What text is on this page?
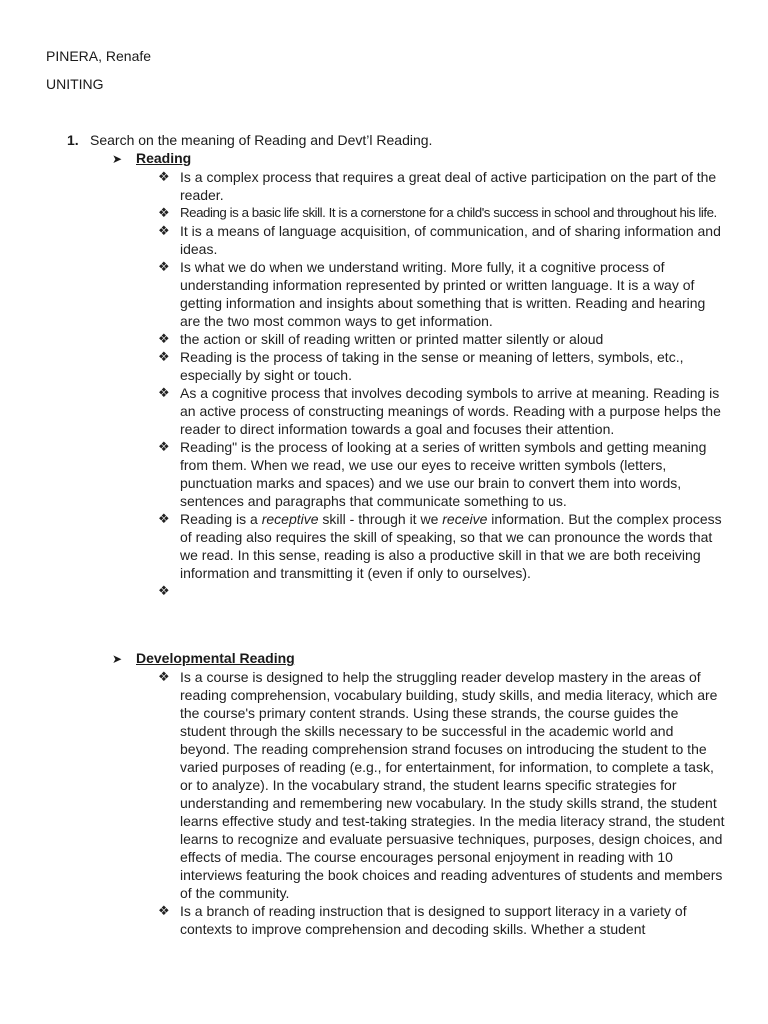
PINERA, Renafe
UNITING
1. Search on the meaning of Reading and Devt’l Reading.
➤ Reading
❖ Is a complex process that requires a great deal of active participation on the part of the reader.
❖ Reading is a basic life skill. It is a cornerstone for a child's success in school and throughout his life.
❖ It is a means of language acquisition, of communication, and of sharing information and ideas.
❖ Is what we do when we understand writing. More fully, it a cognitive process of understanding information represented by printed or written language. It is a way of getting information and insights about something that is written. Reading and hearing are the two most common ways to get information.
❖ the action or skill of reading written or printed matter silently or aloud
❖ Reading is the process of taking in the sense or meaning of letters, symbols, etc., especially by sight or touch.
❖ As a cognitive process that involves decoding symbols to arrive at meaning. Reading is an active process of constructing meanings of words. Reading with a purpose helps the reader to direct information towards a goal and focuses their attention.
❖ Reading" is the process of looking at a series of written symbols and getting meaning from them. When we read, we use our eyes to receive written symbols (letters, punctuation marks and spaces) and we use our brain to convert them into words, sentences and paragraphs that communicate something to us.
❖ Reading is a receptive skill - through it we receive information. But the complex process of reading also requires the skill of speaking, so that we can pronounce the words that we read. In this sense, reading is also a productive skill in that we are both receiving information and transmitting it (even if only to ourselves).
❖
➤ Developmental Reading
❖ Is a course is designed to help the struggling reader develop mastery in the areas of reading comprehension, vocabulary building, study skills, and media literacy, which are the course's primary content strands. Using these strands, the course guides the student through the skills necessary to be successful in the academic world and beyond. The reading comprehension strand focuses on introducing the student to the varied purposes of reading (e.g., for entertainment, for information, to complete a task, or to analyze). In the vocabulary strand, the student learns specific strategies for understanding and remembering new vocabulary. In the study skills strand, the student learns effective study and test-taking strategies. In the media literacy strand, the student learns to recognize and evaluate persuasive techniques, purposes, design choices, and effects of media. The course encourages personal enjoyment in reading with 10 interviews featuring the book choices and reading adventures of students and members of the community.
❖ Is a branch of reading instruction that is designed to support literacy in a variety of contexts to improve comprehension and decoding skills. Whether a student
